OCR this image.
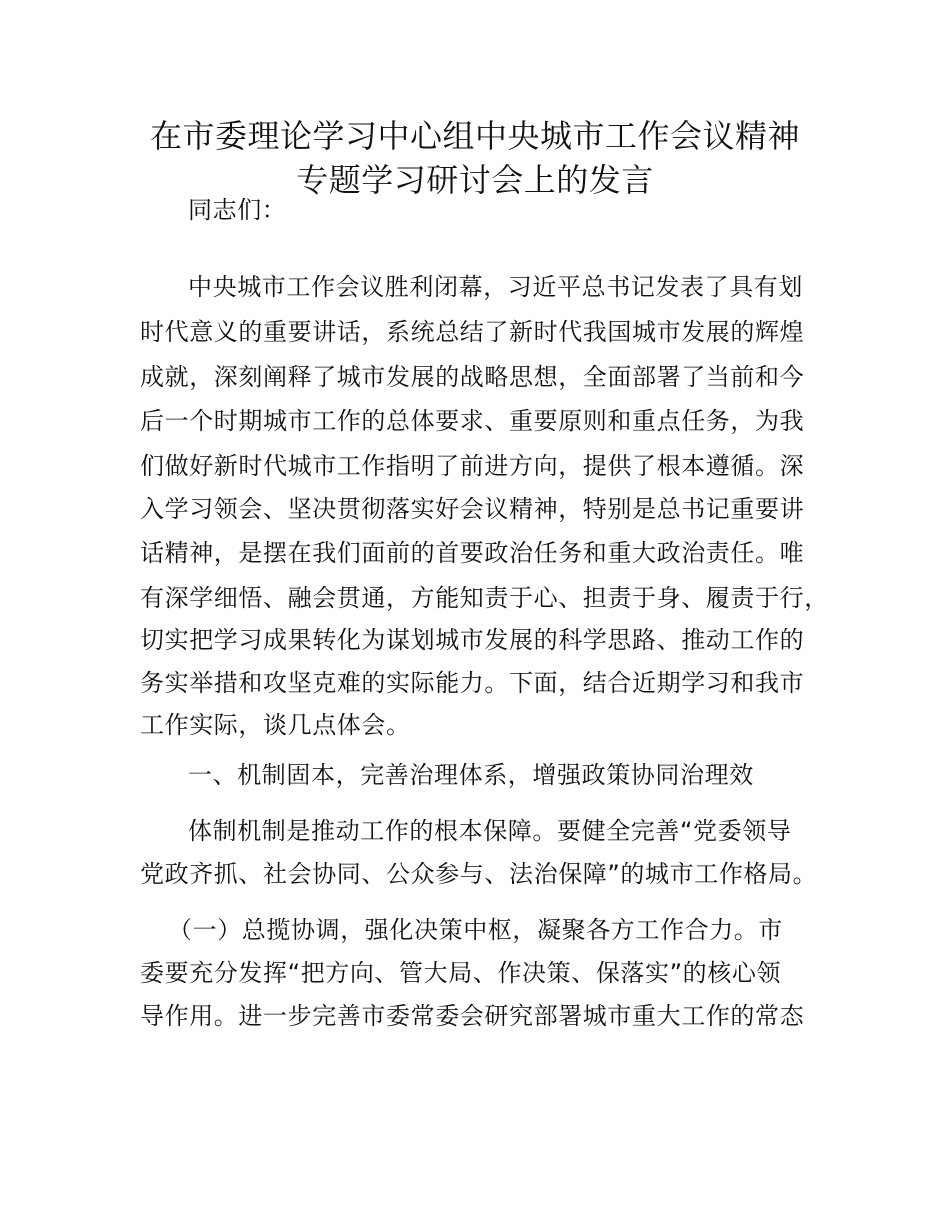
在市委理论学习中心组中央城市工作会议精神
专题学习研讨会上的发言
同志们：
中央城市工作会议胜利闭幕，习近平总书记发表了具有划
时代意义的重要讲话，系统总结了新时代我国城市发展的辉煌
成就，深刻阐释了城市发展的战略思想，全面部署了当前和今
后一个时期城市工作的总体要求、重要原则和重点任务，为我
们做好新时代城市工作指明了前进方向，提供了根本遵循。深
入学习领会、坚决贯彻落实好会议精神，特别是总书记重要讲
话精神，是摆在我们面前的首要政治任务和重大政治责任。唯
有深学细悟、融会贯通，方能知责于心、担责于身、履责于行，
切实把学习成果转化为谋划城市发展的科学思路、推动工作的
务实举措和攻坚克难的实际能力。下面，结合近期学习和我市
工作实际，谈几点体会。
一、机制固本，完善治理体系，增强政策协同治理效
体制机制是推动工作的根本保障。要健全完善“党委领导
党政齐抓、社会协同、公众参与、法治保障”的城市工作格局。
（一）总揽协调，强化决策中枢，凝聚各方工作合力。市
委要充分发挥“把方向、管大局、作决策、保落实”的核心领
导作用。进一步完善市委常委会研究部署城市重大工作的常态
